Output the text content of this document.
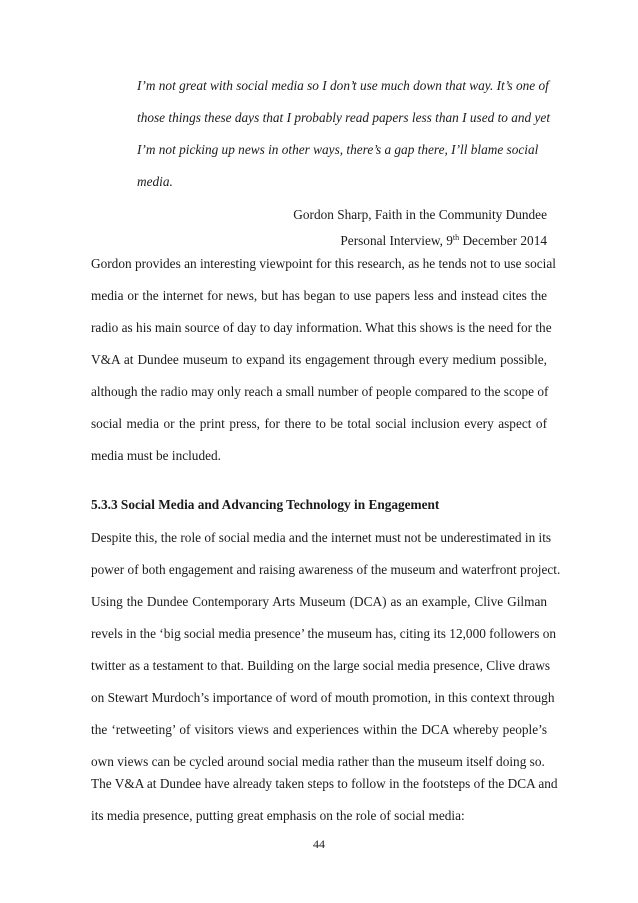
I’m not great with social media so I don’t use much down that way. It’s one of
those things these days that I probably read papers less than I used to and yet
I’m not picking up news in other ways, there’s a gap there, I’ll blame social
media.
Gordon Sharp, Faith in the Community Dundee
Personal Interview, 9th December 2014
Gordon provides an interesting viewpoint for this research, as he tends not to use social
media or the internet for news, but has began to use papers less and instead cites the
radio as his main source of day to day information. What this shows is the need for the
V&A at Dundee museum to expand its engagement through every medium possible,
although the radio may only reach a small number of people compared to the scope of
social media or the print press, for there to be total social inclusion every aspect of
media must be included.
5.3.3 Social Media and Advancing Technology in Engagement
Despite this, the role of social media and the internet must not be underestimated in its
power of both engagement and raising awareness of the museum and waterfront project.
Using the Dundee Contemporary Arts Museum (DCA) as an example, Clive Gilman
revels in the ‘big social media presence’ the museum has, citing its 12,000 followers on
twitter as a testament to that. Building on the large social media presence, Clive draws
on Stewart Murdoch’s importance of word of mouth promotion, in this context through
the ‘retweeting’ of visitors views and experiences within the DCA whereby people’s
own views can be cycled around social media rather than the museum itself doing so.
The V&A at Dundee have already taken steps to follow in the footsteps of the DCA and
its media presence, putting great emphasis on the role of social media:
44
